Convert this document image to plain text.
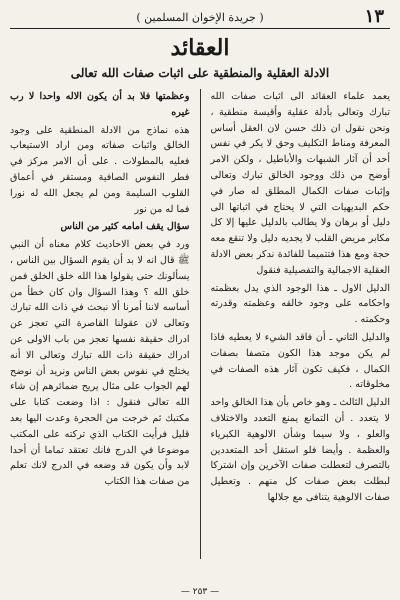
١٣
( جريدة الإخوان المسلمين )
العقائد
الادلة العقلية والمنطقية على اثبات صفات الله تعالى

يعمد علماء العقائد الى اثبات صفات الله تبارك وتعالى بأدلة عقلية وأقيسة منطقية ، ونحن نقول ان ذلك حسن لان العقل أساس المعرفة ومناط التكليف وحق لا يكر في نفس أحد أن آثار الشبهات والأباطيل ، ولكن الامر أوضح من ذلك ووجود الخالق تبارك وتعالى وإثبات صفات الكمال المطلق له صار في حكم البديهيات التي لا يحتاج في اثباتها الى دليل أو برهان ولا يطالب بالدليل عليها إلا كل مكابر مريض القلب لا يجديه دليل ولا تنقع معه حجة ومع هذا فتتميما للفائدة ندكر بعض الادلة العقلية الاجمالية والتفصيلية فنقول

الدليل الاول ـ هذا الوجود الذي يدل بعظمته واحكامه على وجود خالقه وعظمته وقدرته وحكمته .

والدليل الثاني ـ أن فاقد الشيء لا يعطيه فاذا لم يكن موجد هذا الكون متصفا بصفات الكمال ، فكيف تكون آثار هذه الصفات في مخلوقاته .

الدليل الثالث ـ وهو خاص بأن هذا الخالق واحد لا يتعدد . أن التمانع يمنع التعدد والاختلاف والعلو ، ولا سيما وشأن الالوهية الكبرياء والعظمة . وأيضا فلو استقل أحد المتعددين بالتصرف لتعطلت صفات الآخرين وإن اشتركا لبطلت بعض صفات كل منهم . وتعطيل صفات الالوهية يتنافى مع جلالها

وعظمتها فلا بد أن يكون الاله واحدا لا رب غيره

هذه نماذج من الادلة المنطقية على وجود الخالق واثبات صفاته ومن اراد الاستيعاب فعليه بالمطولات . على أن الامر مركز في فطر النفوس الصافية ومستقر في أعماق القلوب السليمة ومن لم يجعل الله له نورا فما له من نور

سؤال يقف امامه كثير من الناس

ورد في بعض الاحاديث كلام معناه أن النبي ﷺ قال انه لا بد أن يقوم السؤال بين الناس ، يسألونك حتى يقولوا هذا الله خلق الخلق فمن خلق الله ؟ وهذا السؤال وان كان خطأ من أساسه لاننا أمرنا ألا نبحث في ذات الله تبارك وتعالى لان عقولنا القاصرة التي تعجز عن ادراك حقيقة نفسها تعجز من باب الاولى عن ادراك حقيقة ذات الله تبارك وتعالى الا أنه يختلج في نفوس بعض الناس ونريد أن نوضح لهم الجواب على مثال يريح ضمائرهم إن شاء الله تعالى فنقول : اذا وضعت كتابا على مكتبك ثم خرجت من الحجرة وعدت اليها بعد قليل فرأيت الكتاب الذي تركته على المكتب موضوعا في الدرج فانك تعتقد تماما أن أحدا لابد وأن يكون قد وضعه في الدرج لانك تعلم من صفات هذا الكتاب

— ٢٥٣ —
